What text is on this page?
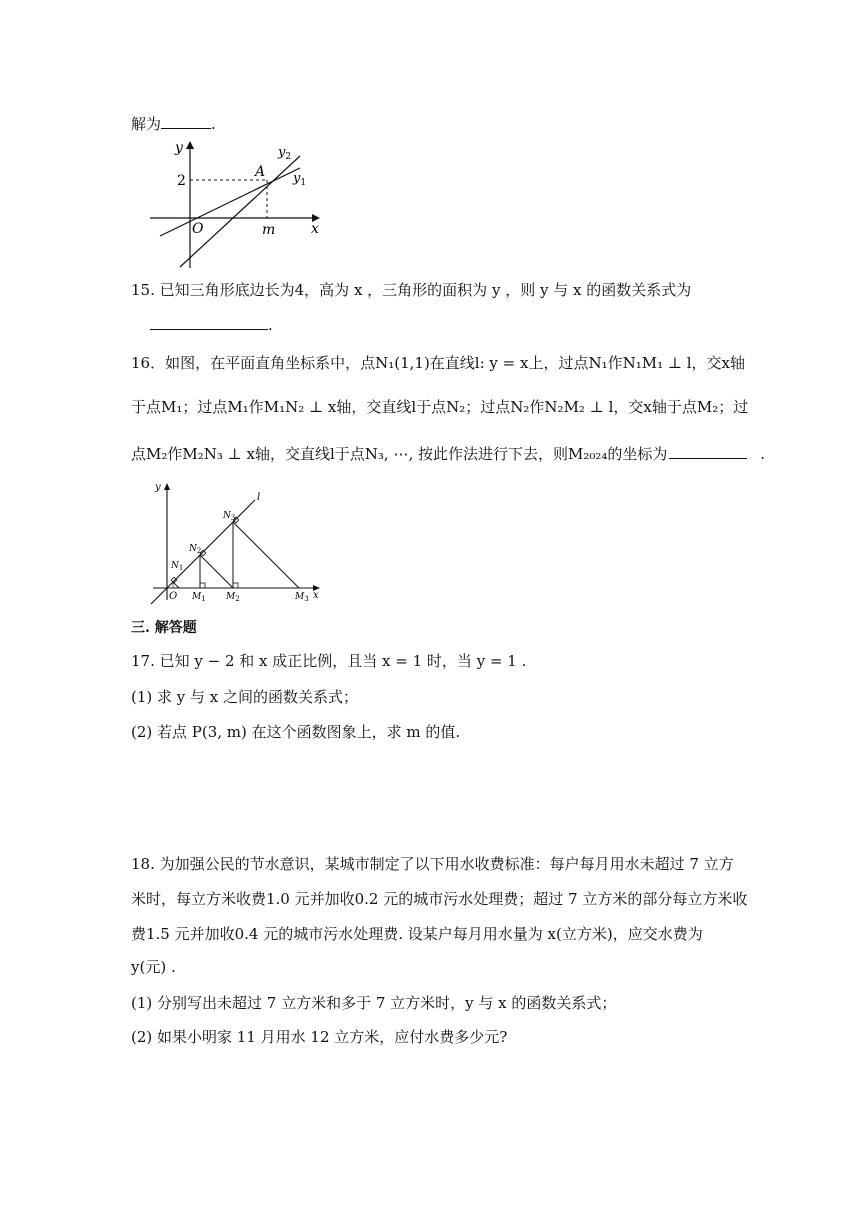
解为	.
y
x
O
2
m
A
$y_2$
$y_1$
15. 已知三角形底边长为4，高为 x ，三角形的面积为 y ，则 y 与 x 的函数关系式为
.
16．如图，在平面直角坐标系中，点N₁(1,1)在直线l: y = x上，过点N₁作N₁M₁ ⊥ l，交x轴
于点M₁；过点M₁作M₁N₂ ⊥ x轴，交直线l于点N₂；过点N₂作N₂M₂ ⊥ l，交x轴于点M₂；过
点M₂作M₂N₃ ⊥ x轴，交直线l于点N₃, ⋯, 按此作法进行下去，则M₂₀₂₄的坐标为	.
y
x
O
l
$N_1$
$N_2$
$N_3$
$M_1$ $M_2$	$M_3$
三. 解答题
17. 已知 y − 2 和 x 成正比例，且当 x = 1 时，当 y = 1 .
(1) 求 y 与 x 之间的函数关系式；
(2) 若点 P(3, m) 在这个函数图象上，求 m 的值.
18. 为加强公民的节水意识，某城市制定了以下用水收费标准：每户每月用水未超过 7 立方
米时，每立方米收费1.0 元并加收0.2 元的城市污水处理费；超过 7 立方米的部分每立方米收
费1.5 元并加收0.4 元的城市污水处理费. 设某户每月用水量为 x(立方米)，应交水费为
y(元) .
(1) 分别写出未超过 7 立方米和多于 7 立方米时，y 与 x 的函数关系式；
(2) 如果小明家 11 月用水 12 立方米，应付水费多少元?
